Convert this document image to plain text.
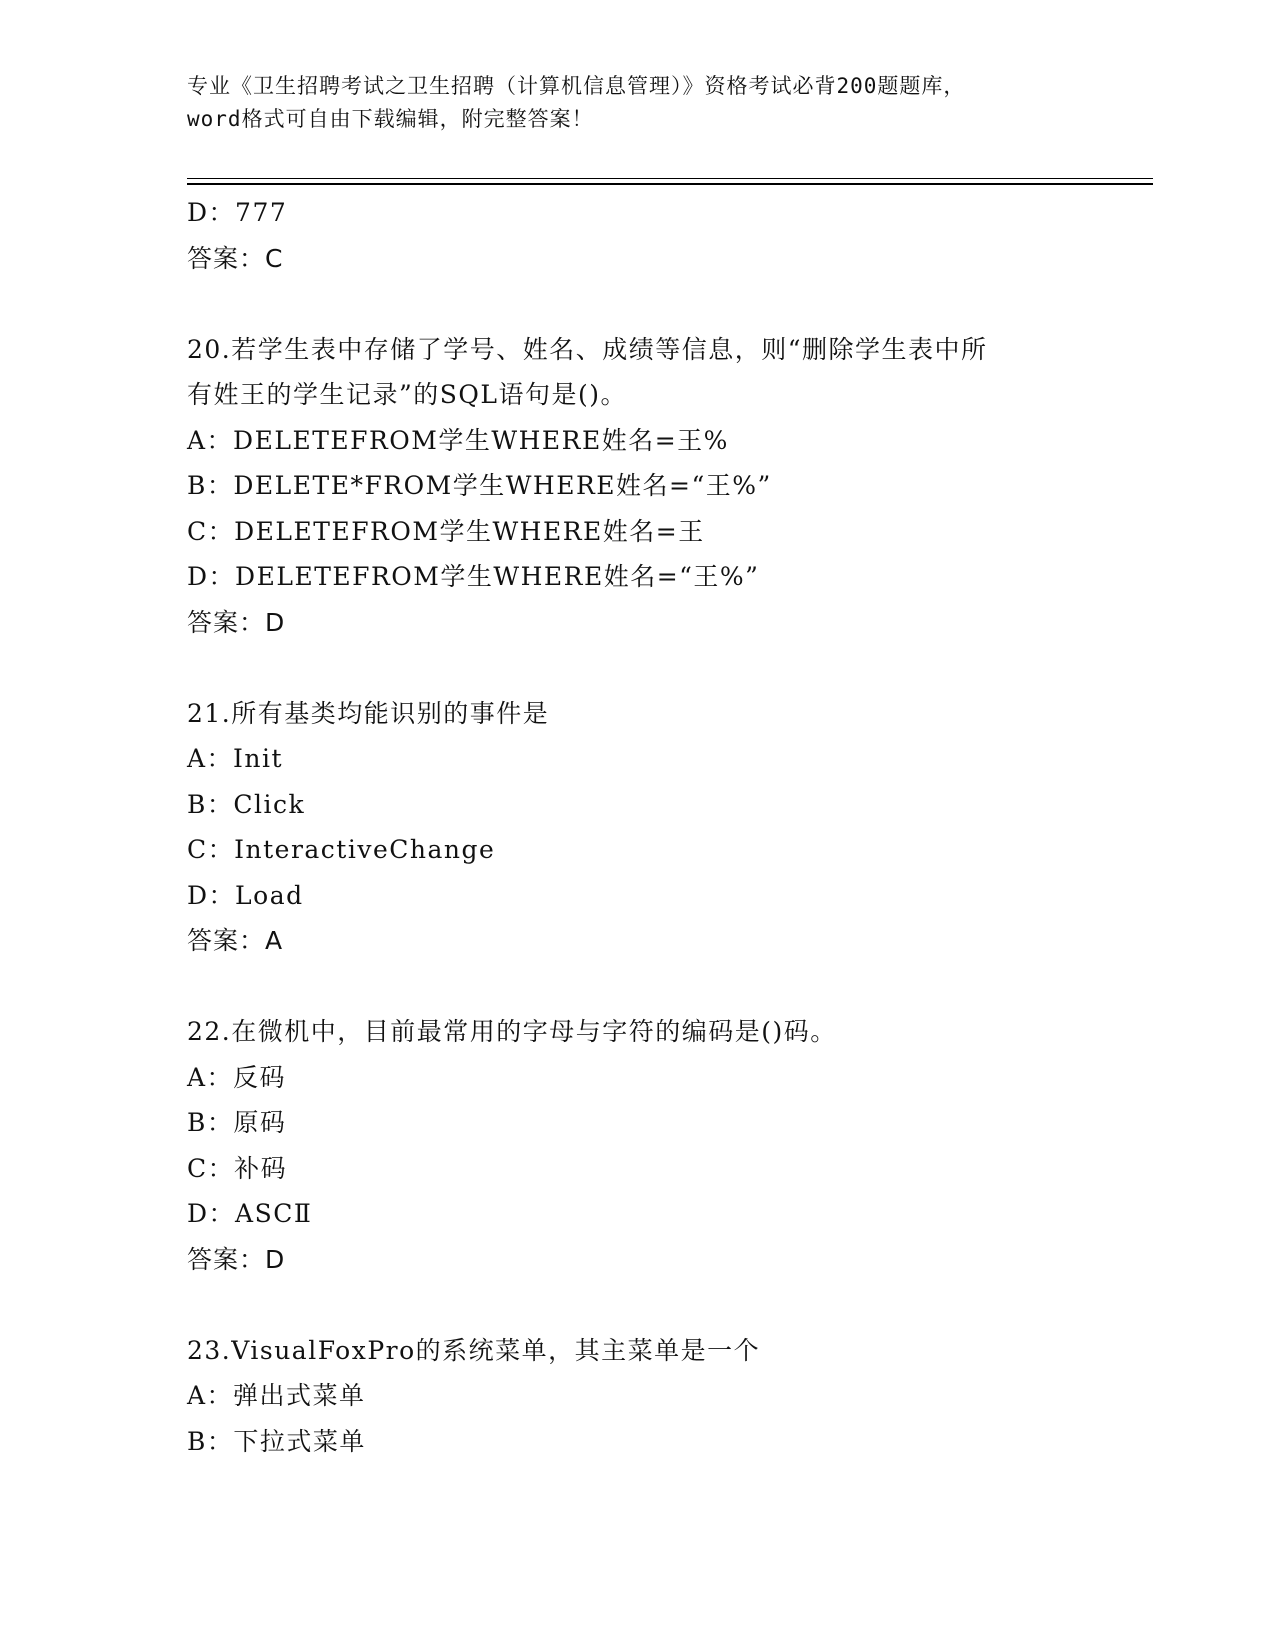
专业《卫生招聘考试之卫生招聘（计算机信息管理）》资格考试必背200题题库，
word格式可自由下载编辑，附完整答案！
D：777
答案：C
20.若学生表中存储了学号、姓名、成绩等信息，则“删除学生表中所
有姓王的学生记录”的SQL语句是()。
A：DELETEFROM学生WHERE姓名=王%
B：DELETE*FROM学生WHERE姓名=“王%”
C：DELETEFROM学生WHERE姓名=王
D：DELETEFROM学生WHERE姓名=“王%”
答案：D
21.所有基类均能识别的事件是
A：Init
B：Click
C：InteractiveChange
D：Load
答案：A
22.在微机中，目前最常用的字母与字符的编码是()码。
A：反码
B：原码
C：补码
D：ASCⅡ
答案：D
23.VisualFoxPro的系统菜单，其主菜单是一个
A：弹出式菜单
B：下拉式菜单
